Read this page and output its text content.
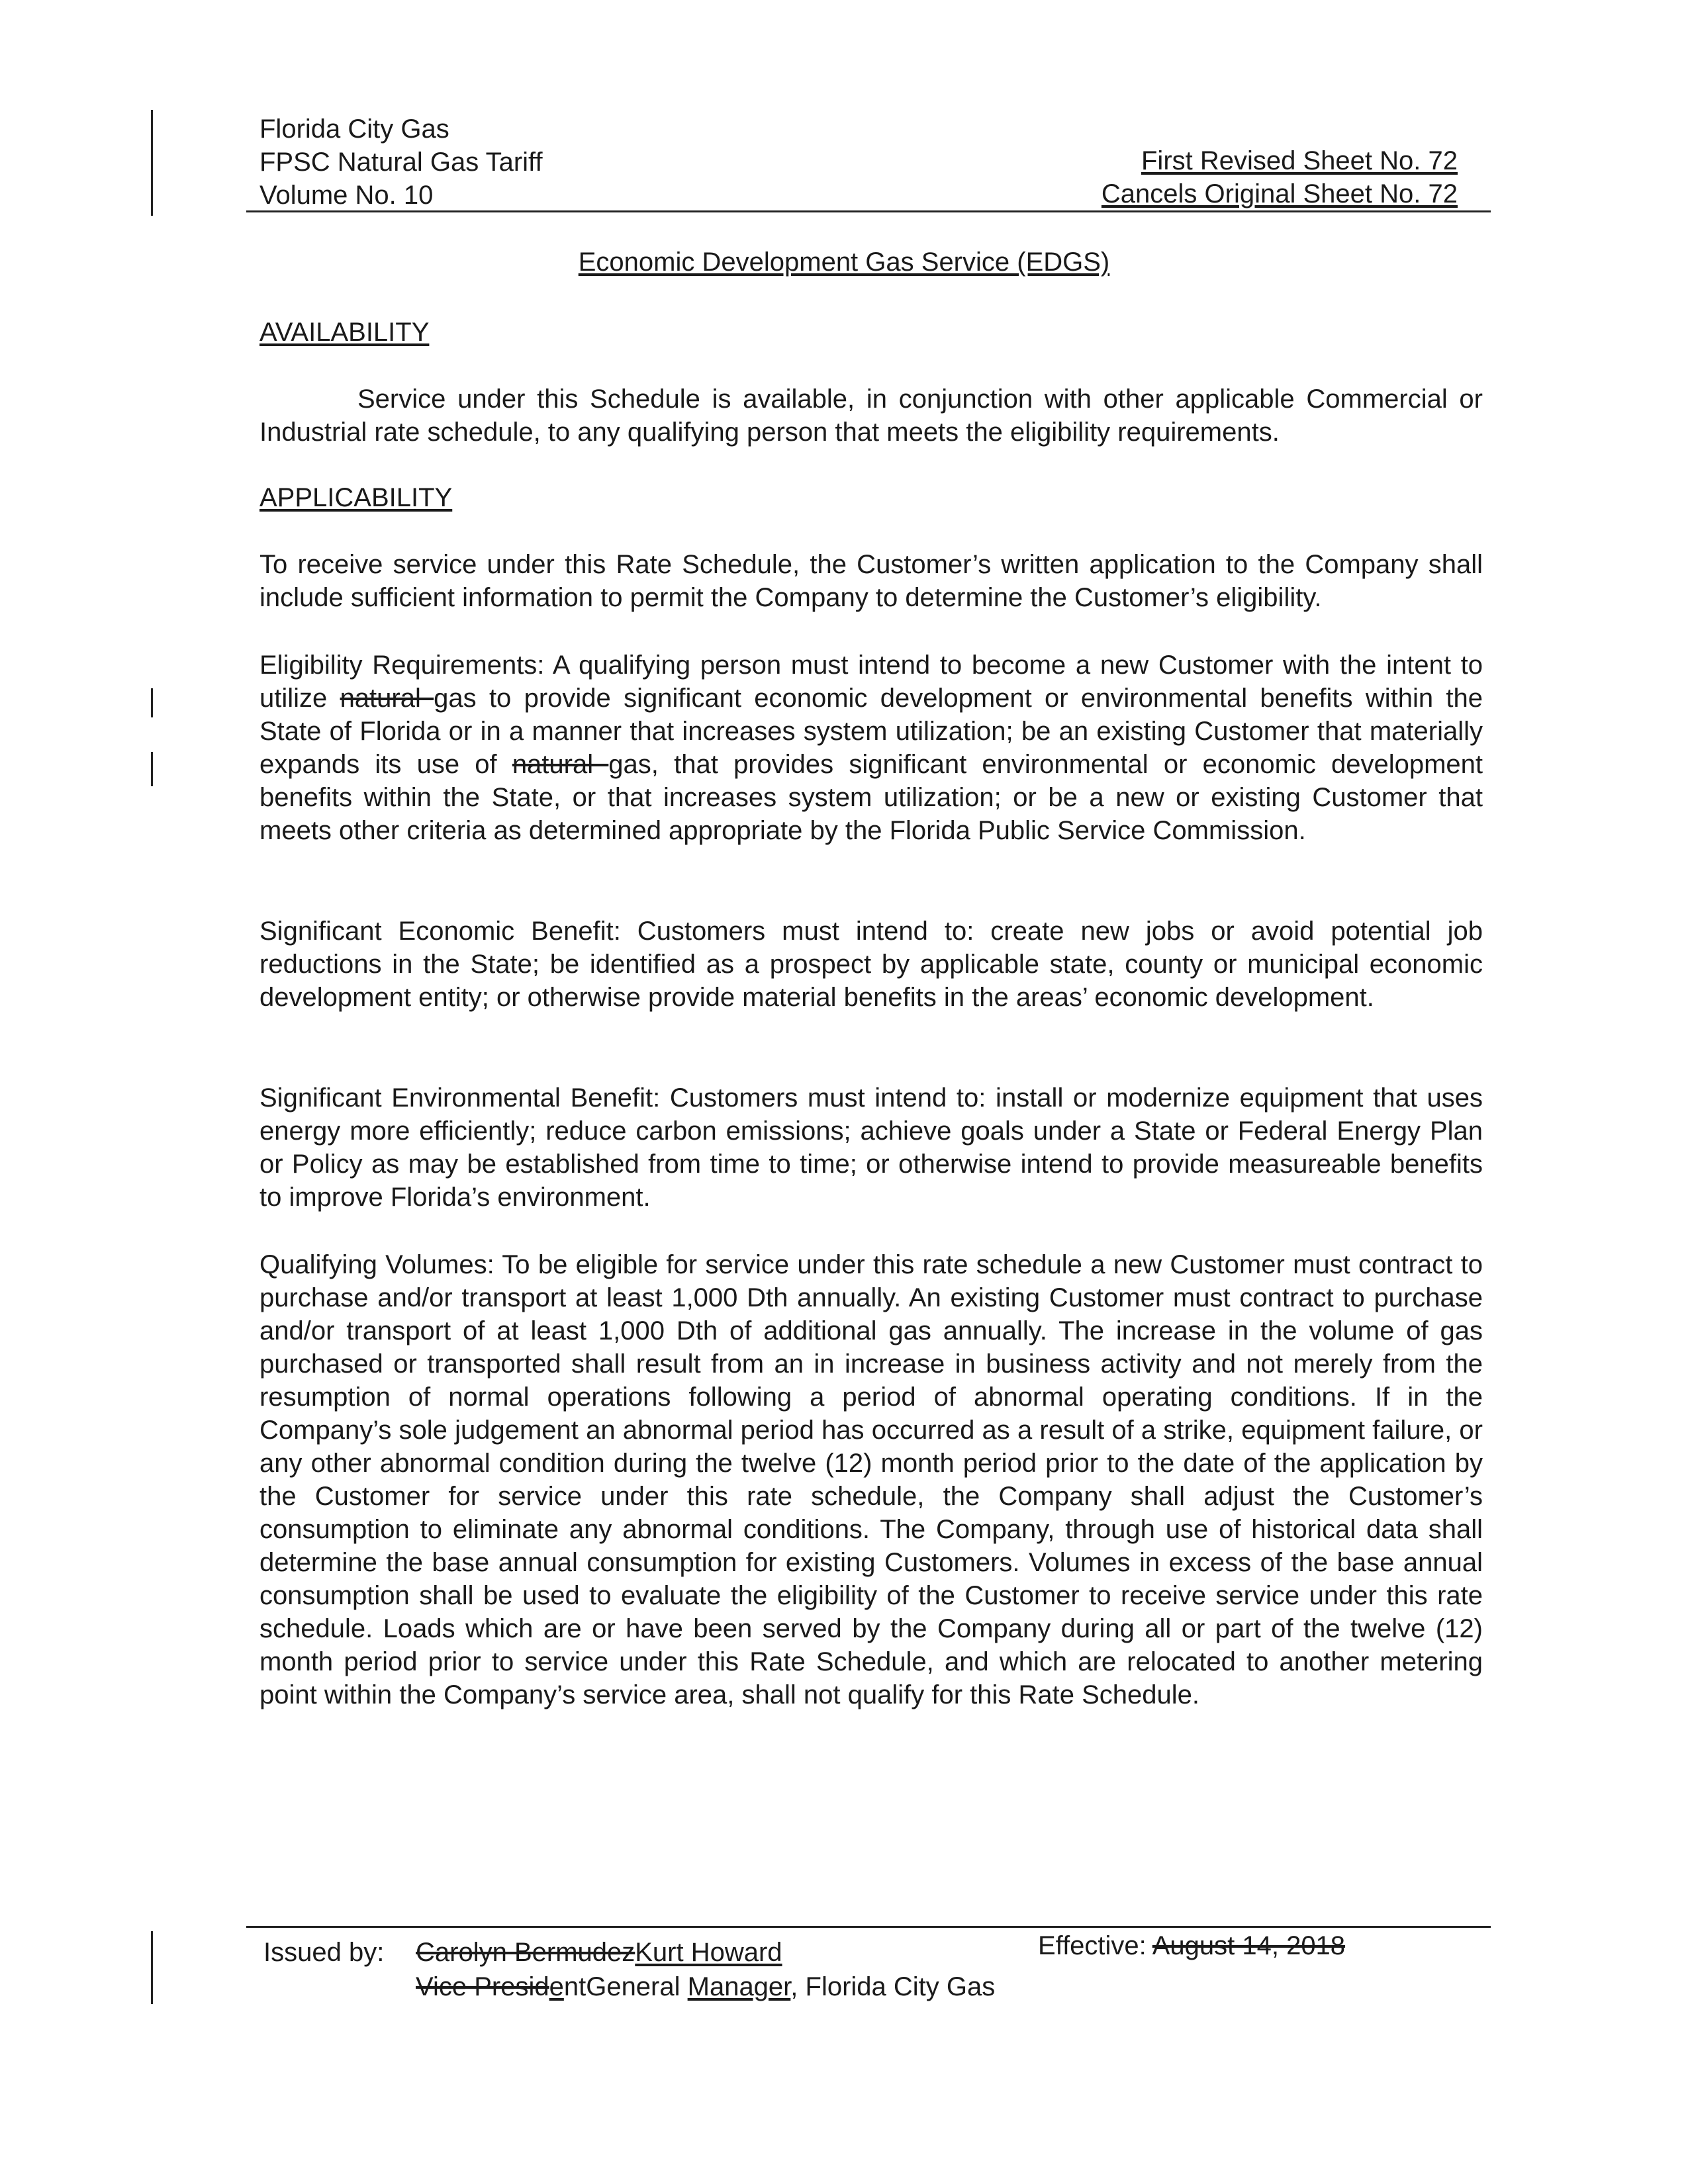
Florida City Gas
FPSC Natural Gas Tariff
Volume No. 10
First Revised Sheet No. 72
Cancels Original Sheet No. 72
Economic Development Gas Service (EDGS)
AVAILABILITY
Service under this Schedule is available, in conjunction with other applicable Commercial or Industrial rate schedule, to any qualifying person that meets the eligibility requirements.
APPLICABILITY
To receive service under this Rate Schedule, the Customer’s written application to the Company shall include sufficient information to permit the Company to determine the Customer’s eligibility.
Eligibility Requirements: A qualifying person must intend to become a new Customer with the intent to utilize natural gas to provide significant economic development or environmental benefits within the State of Florida or in a manner that increases system utilization; be an existing Customer that materially expands its use of natural gas, that provides significant environmental or economic development benefits within the State, or that increases system utilization; or be a new or existing Customer that meets other criteria as determined appropriate by the Florida Public Service Commission.
Significant Economic Benefit: Customers must intend to: create new jobs or avoid potential job reductions in the State; be identified as a prospect by applicable state, county or municipal economic development entity; or otherwise provide material benefits in the areas’ economic development.
Significant Environmental Benefit: Customers must intend to: install or modernize equipment that uses energy more efficiently; reduce carbon emissions; achieve goals under a State or Federal Energy Plan or Policy as may be established from time to time; or otherwise intend to provide measureable benefits to improve Florida’s environment.
Qualifying Volumes: To be eligible for service under this rate schedule a new Customer must contract to purchase and/or transport at least 1,000 Dth annually. An existing Customer must contract to purchase and/or transport of at least 1,000 Dth of additional gas annually. The increase in the volume of gas purchased or transported shall result from an in increase in business activity and not merely from the resumption of normal operations following a period of abnormal operating conditions. If in the Company’s sole judgement an abnormal period has occurred as a result of a strike, equipment failure, or any other abnormal condition during the twelve (12) month period prior to the date of the application by the Customer for service under this rate schedule, the Company shall adjust the Customer’s consumption to eliminate any abnormal conditions. The Company, through use of historical data shall determine the base annual consumption for existing Customers. Volumes in excess of the base annual consumption shall be used to evaluate the eligibility of the Customer to receive service under this rate schedule. Loads which are or have been served by the Company during all or part of the twelve (12) month period prior to service under this Rate Schedule, and which are relocated to another metering point within the Company’s service area, shall not qualify for this Rate Schedule.
Issued by: Carolyn BermudezKurt Howard
Vice PresidentGeneral Manager, Florida City Gas
Effective: August 14, 2018
